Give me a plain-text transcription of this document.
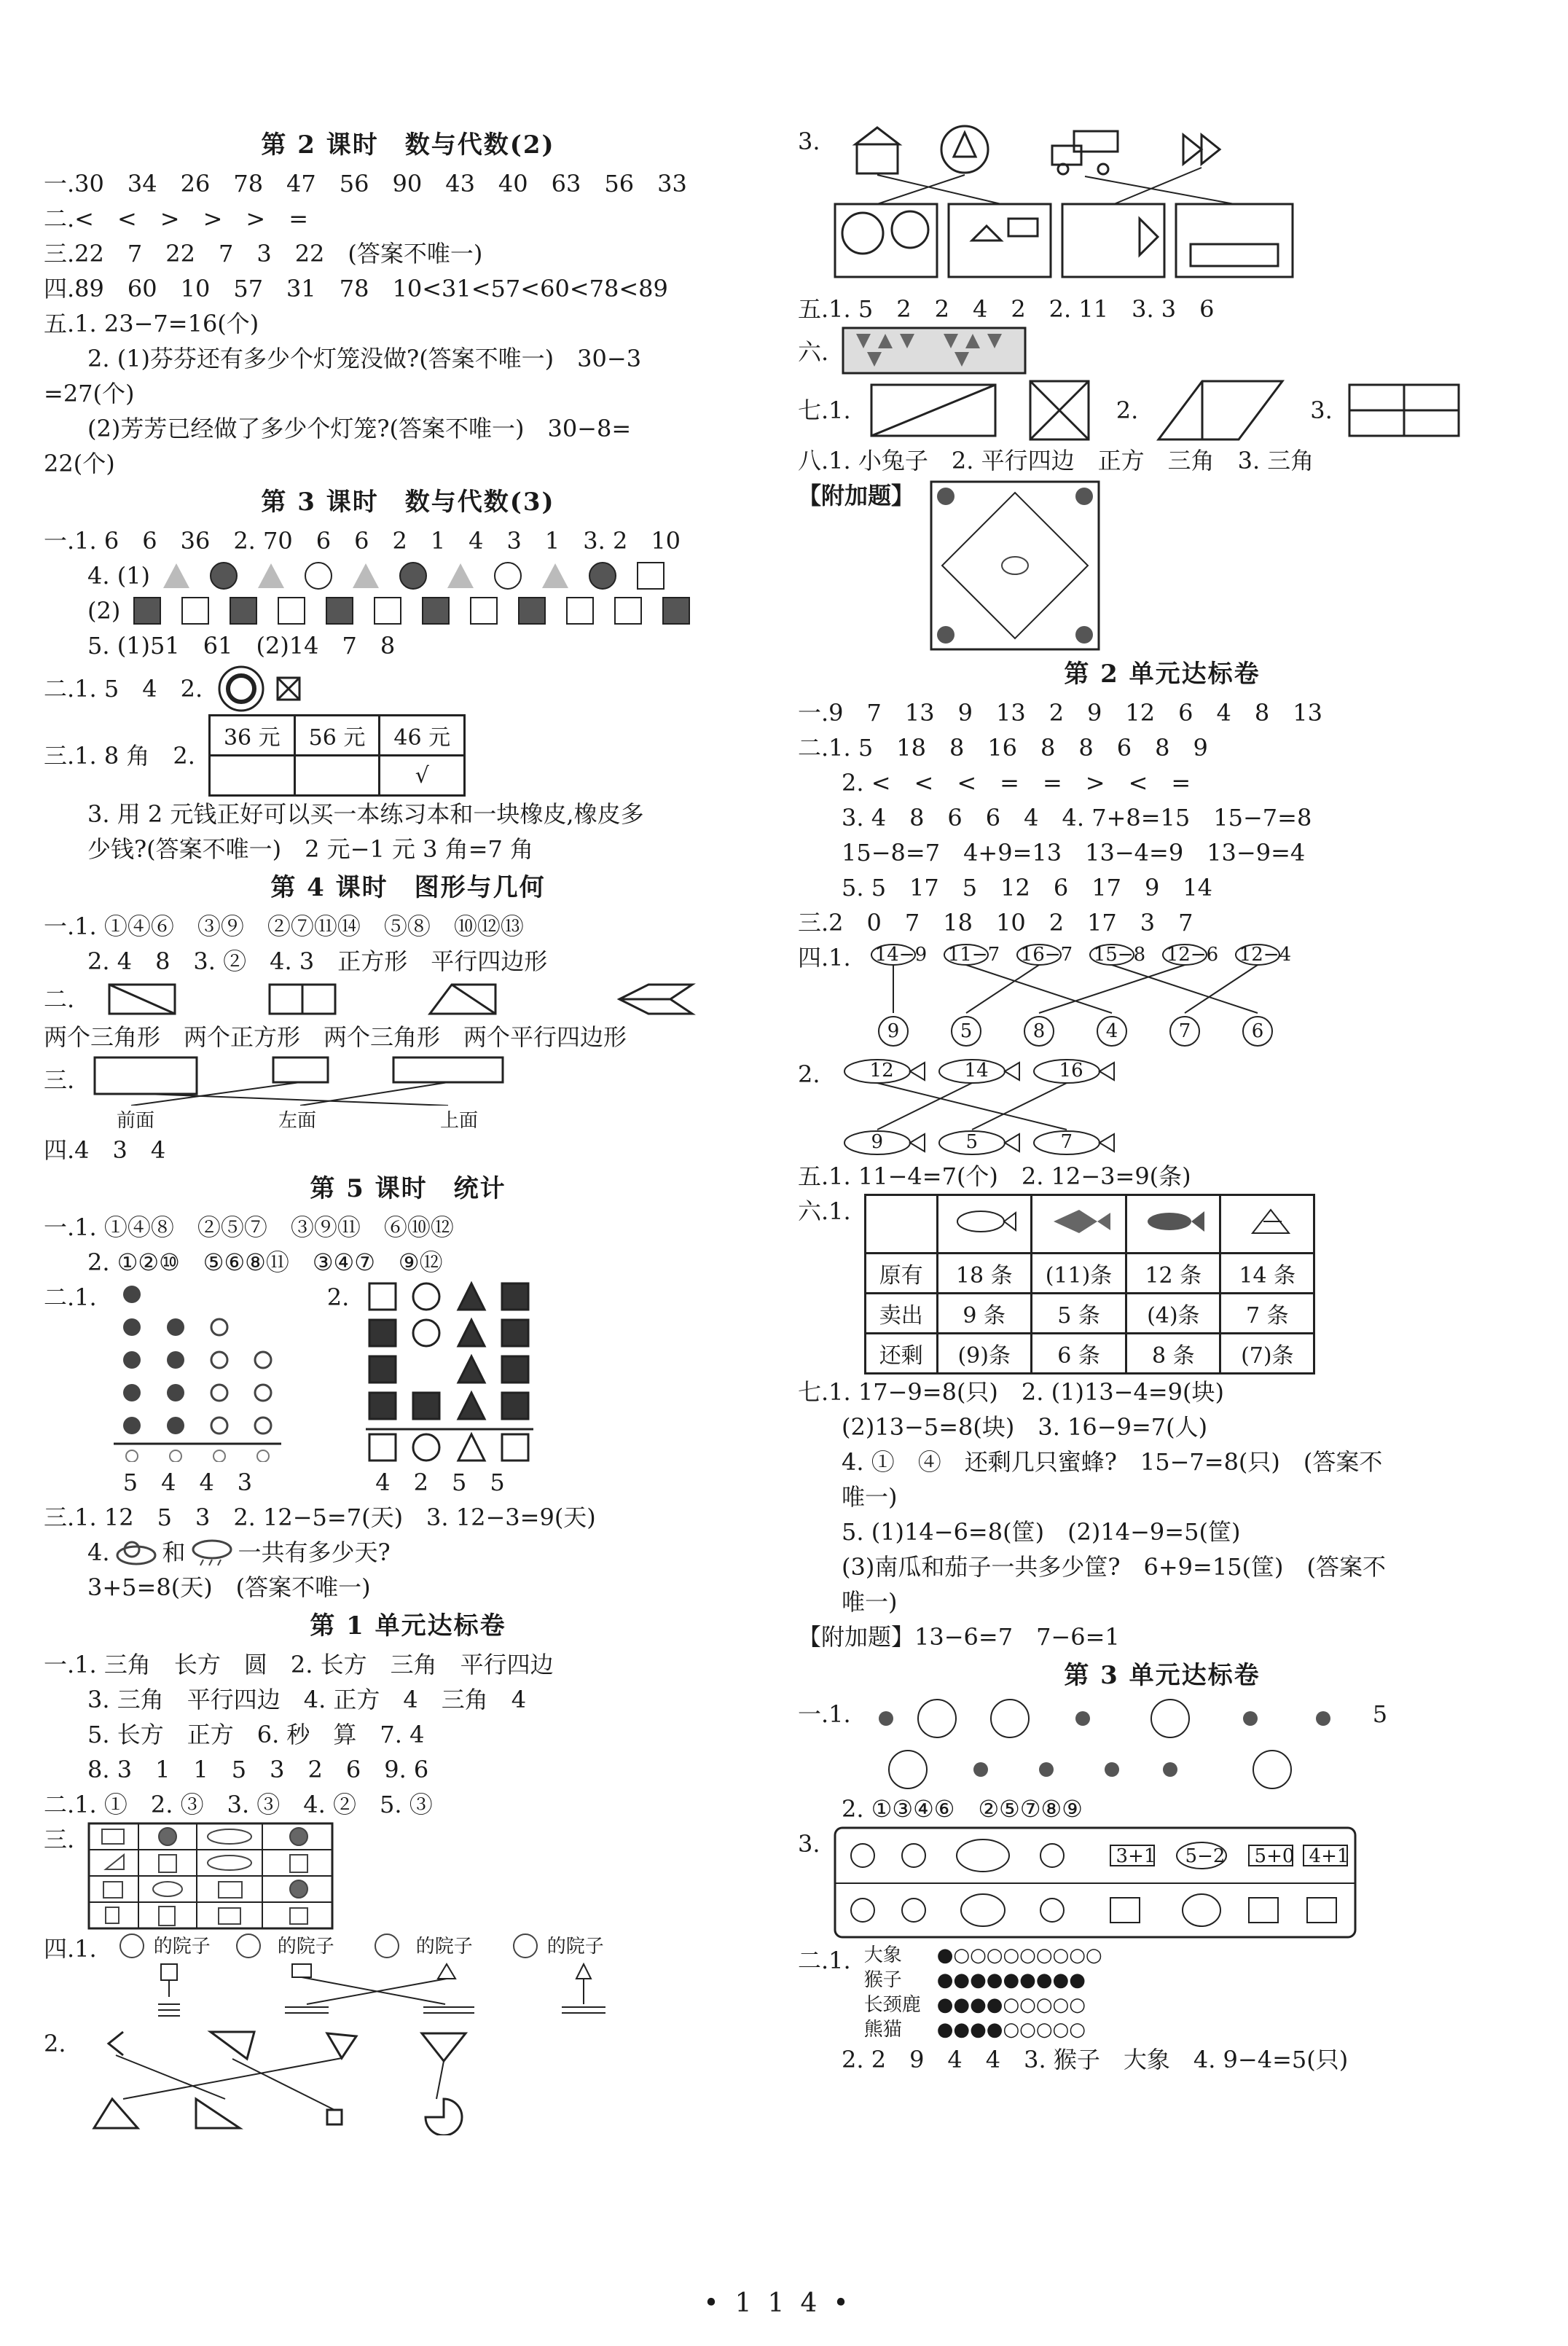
第 2 课时　数与代数(2)

一.30　34　26　78　47　56　90　43　40　63　56　33

二.<　<　>　>　>　=

三.22　7　22　7　3　22　(答案不唯一)

四.89　60　10　57　31　78　10<31<57<60<78<89

五.1. 23−7=16(个)

2. (1)芬芬还有多少个灯笼没做?(答案不唯一)　30−3

=27(个)

(2)芳芳已经做了多少个灯笼?(答案不唯一)　30−8=

22(个)

第 3 课时　数与代数(3)

一.1. 6　6　36　2. 70　6　6　2　1　4　3　1　3. 2　10

4. (1)
(2)

5. (1)51　61　(2)14　7　8

二.1. 5　4　2.
三.1. 8 角　2.
36 元	56 元	46 元
		√

3. 用 2 元钱正好可以买一本练习本和一块橡皮,橡皮多

少钱?(答案不唯一)　2 元−1 元 3 角=7 角

第 4 课时　图形与几何

一.1. ①④⑥　③⑨　②⑦⑪⑭　⑤⑧　⑩⑫⑬

2. 4　8　3. ②　4. 3　正方形　平行四边形

二.

两个三角形　两个正方形　两个三角形　两个平行四边形

三.
前面	左面	上面

四.4　3　4

第 5 课时　统计

一.1. ①④⑧　②⑤⑦　③⑨⑪　⑥⑩⑫

2. ①②⑩　⑤⑥⑧⑪　③④⑦　⑨⑫

二.1.
5　4　4　3
2.
4　2　5　5

三.1. 12　5　3　2. 12−5=7(天)　3. 12−3=9(天)

4. 和 一共有多少天?

3+5=8(天)　(答案不唯一)

第 1 单元达标卷

一.1. 三角　长方　圆　2. 长方　三角　平行四边

3. 三角　平行四边　4. 正方　4　三角　4

5. 长方　正方　6. 秒　算　7. 4

8. 3　1　1　5　3　2　6　9. 6

二.1. ①　2. ③　3. ③　4. ②　5. ③

三.
四.1.	的院子	的院子	的院子	的院子
2.
3.

五.1. 5　2　2　4　2　2. 11　3. 3　6

六.
七.1.	2.	3.

八.1. 小兔子　2. 平行四边　正方　三角　3. 三角

【附加题】
第 2 单元达标卷

一.9　7　13　9　13　2　9　12　6　4　8　13

二.1. 5　18　8　16　8　8　6　8　9

2. <　<　<　=　=　>　<　=

3. 4　8　6　6　4　4. 7+8=15　15−7=8

15−8=7　4+9=13　13−4=9　13−9=4

5. 5　17　5　12　6　17　9　14

三.2　0　7　18　10　2　17　3　7

四.1. 14−9 11−7 16−7 15−8 12−6 12−4
9	5	8	4	7	6
2.	12	14	16
9	5	7

五.1. 11−4=7(个)　2. 12−3=9(条)

六.1.

原有	18 条	(11)条	12 条	14 条
卖出	9 条	5 条	(4)条	7 条
还剩	(9)条	6 条	8 条	(7)条

七.1. 17−9=8(只)　2. (1)13−4=9(块)

(2)13−5=8(块)　3. 16−9=7(人)

4. ①　④　还剩几只蜜蜂?　15−7=8(只)　(答案不

唯一)

5. (1)14−6=8(筐)　(2)14−9=5(筐)

(3)南瓜和茄子一共多少筐?　6+9=15(筐)　(答案不

唯一)

【附加题】13−6=7　7−6=1

第 3 单元达标卷
一.1.	5

2. ①③④⑥　②⑤⑦⑧⑨

3.	3+1 5−2 5+0 4+1
二.1. 大象	●○○○○○○○○○
猴子	●●●●●●●●●
长颈鹿 ●●●●○○○○○
熊猫	●●●●○○○○○

2. 2　9　4　4　3. 猴子　大象　4. 9−4=5(只)

•114•
